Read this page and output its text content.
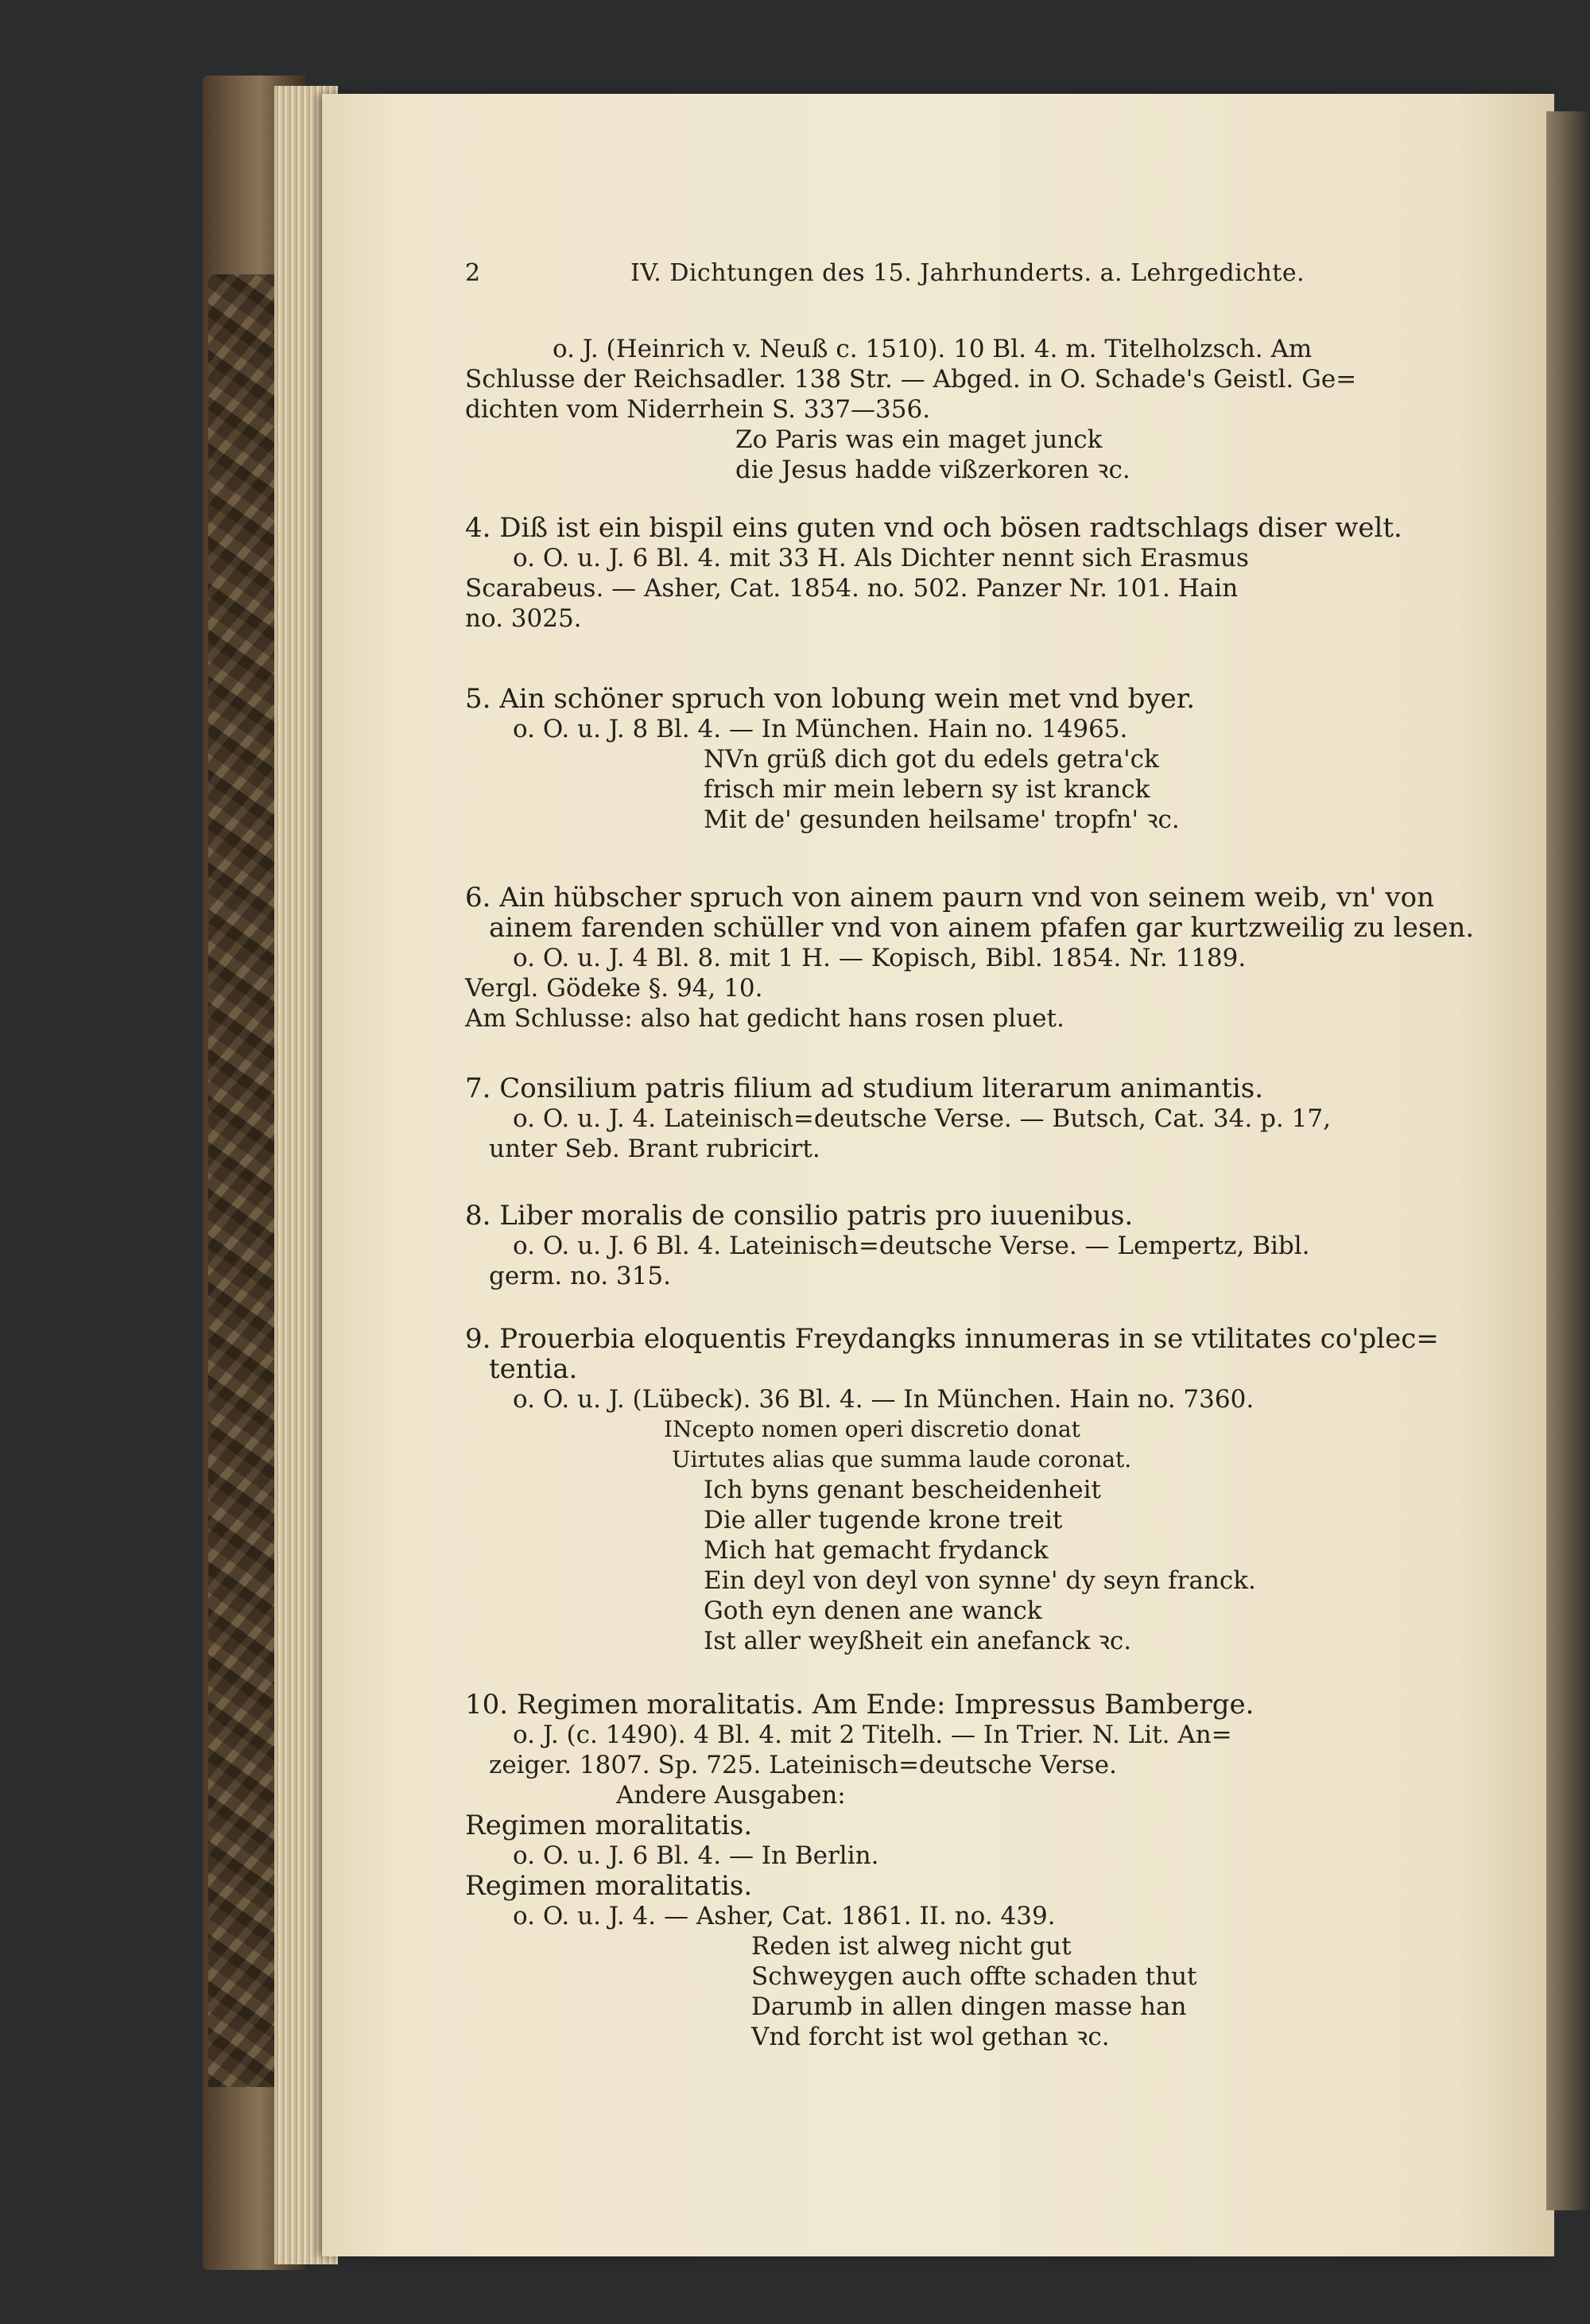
2	IV. Dichtungen des 15. Jahrhunderts. a. Lehrgedichte.
o. J. (Heinrich v. Neuß c. 1510). 10 Bl. 4. m. Titelholzsch. Am
Schlusse der Reichsadler. 138 Str. — Abged. in O. Schade's Geistl. Ge=
dichten vom Niderrhein S. 337—356.
Zo Paris was ein maget junck
die Jesus hadde vißzerkoren ꝛc.
4. Diß ist ein bispil eins guten vnd och bösen radtschlags diser welt.
o. O. u. J. 6 Bl. 4. mit 33 H. Als Dichter nennt sich Erasmus
Scarabeus. — Asher, Cat. 1854. no. 502. Panzer Nr. 101. Hain
no. 3025.
5. Ain schöner spruch von lobung wein met vnd byer.
o. O. u. J. 8 Bl. 4. — In München. Hain no. 14965.
NVn grüß dich got du edels getra'ck
frisch mir mein lebern sy ist kranck
Mit de' gesunden heilsame' tropfn' ꝛc.
6. Ain hübscher spruch von ainem paurn vnd von seinem weib, vn' von
ainem farenden schüller vnd von ainem pfafen gar kurtzweilig zu lesen.
o. O. u. J. 4 Bl. 8. mit 1 H. — Kopisch, Bibl. 1854. Nr. 1189.
Vergl. Gödeke §. 94, 10.
Am Schlusse: also hat gedicht hans rosen pluet.
7. Consilium patris filium ad studium literarum animantis.
o. O. u. J. 4. Lateinisch=deutsche Verse. — Butsch, Cat. 34. p. 17,
unter Seb. Brant rubricirt.
8. Liber moralis de consilio patris pro iuuenibus.
o. O. u. J. 6 Bl. 4. Lateinisch=deutsche Verse. — Lempertz, Bibl.
germ. no. 315.
9. Prouerbia eloquentis Freydangks innumeras in se vtilitates co'plec=
tentia.
o. O. u. J. (Lübeck). 36 Bl. 4. — In München. Hain no. 7360.
INcepto nomen operi discretio donat
Uirtutes alias que summa laude coronat.
Ich byns genant bescheidenheit
Die aller tugende krone treit
Mich hat gemacht frydanck
Ein deyl von deyl von synne' dy seyn franck.
Goth eyn denen ane wanck
Ist aller weyßheit ein anefanck ꝛc.
10. Regimen moralitatis. Am Ende: Impressus Bamberge.
o. J. (c. 1490). 4 Bl. 4. mit 2 Titelh. — In Trier. N. Lit. An=
zeiger. 1807. Sp. 725. Lateinisch=deutsche Verse.
Andere Ausgaben:
Regimen moralitatis.
o. O. u. J. 6 Bl. 4. — In Berlin.
Regimen moralitatis.
o. O. u. J. 4. — Asher, Cat. 1861. II. no. 439.
Reden ist alweg nicht gut
Schweygen auch offte schaden thut
Darumb in allen dingen masse han
Vnd forcht ist wol gethan ꝛc.
